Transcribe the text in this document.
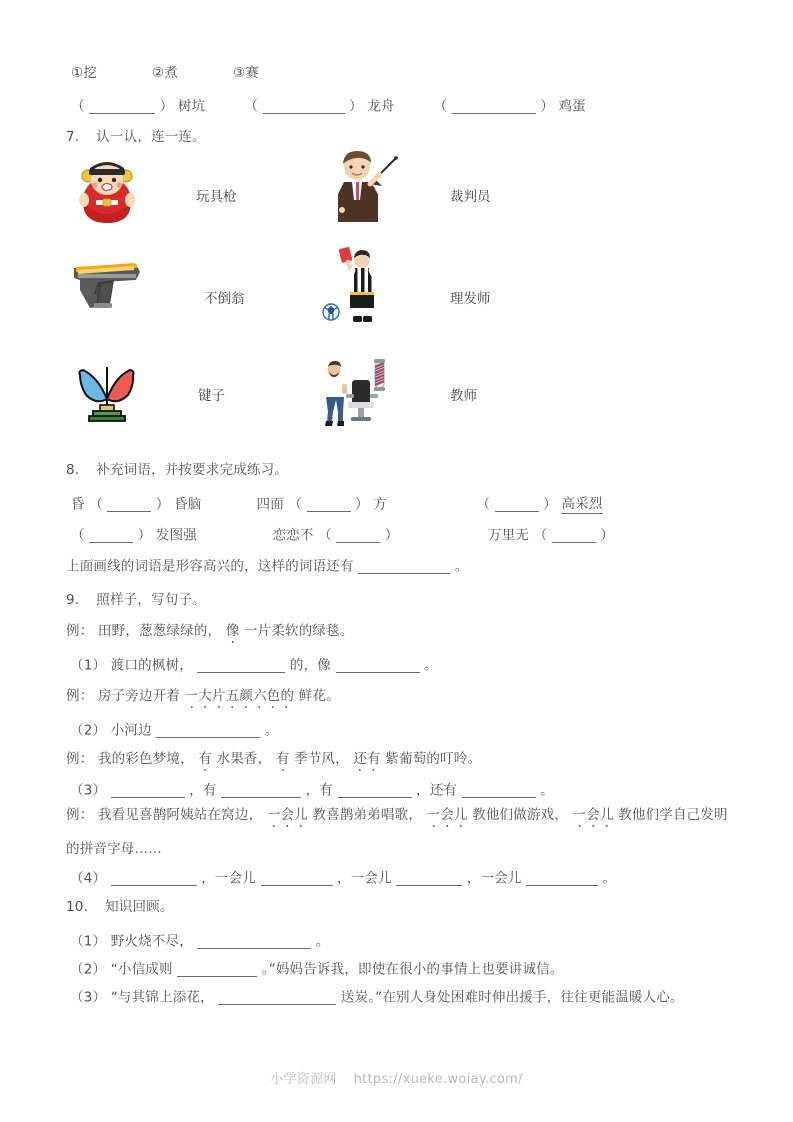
①挖	②煮	③赛
（	） 树坑	（	） 龙舟	（	） 鸡蛋
7. 认一认，连一连。
玩具枪
不倒翁
键子
裁判员
理发师
教师
8. 补充词语，并按要求完成练习。
昏 （	） 昏脑	四面 （	） 方	（	） 高采烈
（	） 发图强	恋恋不 （	）	万里无 （	）
上面画线的词语是形容高兴的，这样的词语还有	。
9. 照样子，写句子。
例： 田野，葱葱绿绿的， 像 一片柔软的绿毯。
（1） 渡口的枫树，	的，像	。
例： 房子旁边开着 一大片五颜六色的 鲜花。
（2） 小河边	。
例： 我的彩色梦境， 有 水果香， 有 季节风， 还有 紫葡萄的叮呤。
（3）	，有	，有	，还有	。
例： 我看见喜鹊阿姨站在窝边， 一会儿 教喜鹊弟弟唱歌， 一会儿 教他们做游戏， 一会儿 教他们学自己发明
的拼音字母……
（4）	，一会儿	，一会儿	，一会儿	。
10. 知识回顾。
（1） 野火烧不尽，	。
（2） “小信成则	。”妈妈告诉我，即使在很小的事情上也要讲诚信。
（3） “与其锦上添花，	送炭。”在别人身处困难时伸出援手，往往更能温暖人心。
小学资源网 https://xueke.woiay.com/
